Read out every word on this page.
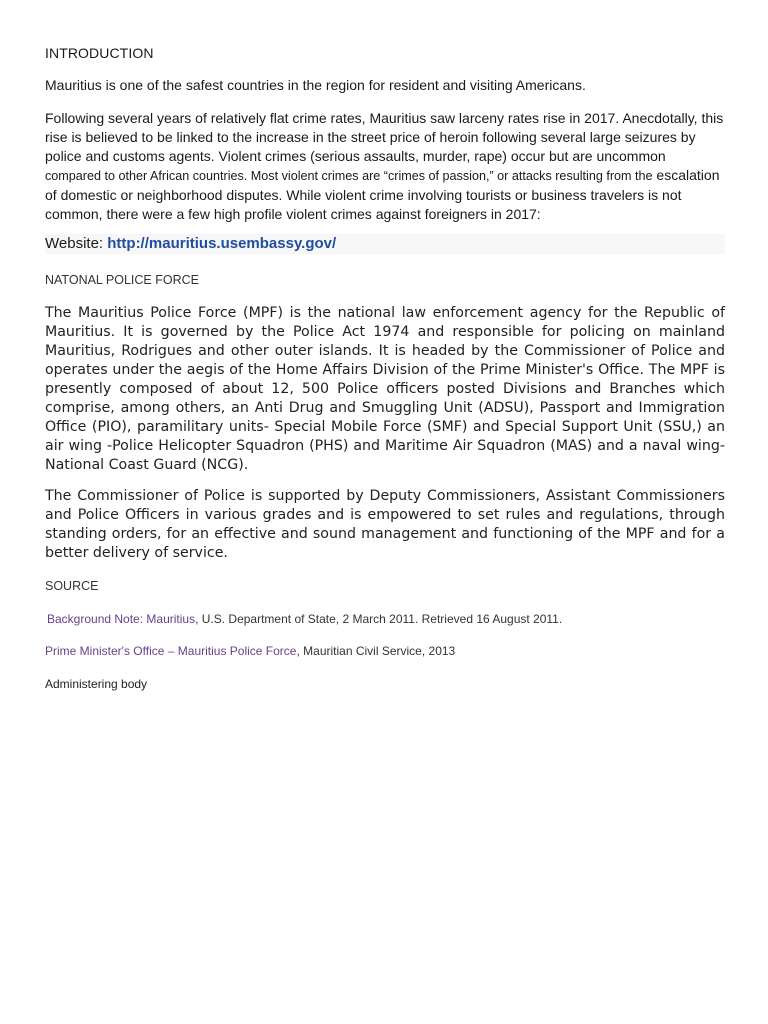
INTRODUCTION
Mauritius is one of the safest countries in the region for resident and visiting Americans.
Following several years of relatively flat crime rates, Mauritius saw larceny rates rise in 2017. Anecdotally, this rise is believed to be linked to the increase in the street price of heroin following several large seizures by police and customs agents. Violent crimes (serious assaults, murder, rape) occur but are uncommon compared to other African countries. Most violent crimes are “crimes of passion,” or attacks resulting from the escalation of domestic or neighborhood disputes. While violent crime involving tourists or business travelers is not common, there were a few high profile violent crimes against foreigners in 2017:
Website: http://mauritius.usembassy.gov/
NATONAL POLICE FORCE
The Mauritius Police Force (MPF) is the national law enforcement agency for the Republic of Mauritius. It is governed by the Police Act 1974 and responsible for policing on mainland Mauritius, Rodrigues and other outer islands. It is headed by the Commissioner of Police and operates under the aegis of the Home Affairs Division of the Prime Minister's Office. The MPF is presently composed of about 12, 500 Police officers posted Divisions and Branches which comprise, among others, an Anti Drug and Smuggling Unit (ADSU), Passport and Immigration Office (PIO), paramilitary units- Special Mobile Force (SMF) and Special Support Unit (SSU,) an air wing -Police Helicopter Squadron (PHS) and Maritime Air Squadron (MAS) and a naval wing-National Coast Guard (NCG).
The Commissioner of Police is supported by Deputy Commissioners, Assistant Commissioners and Police Officers in various grades and is empowered to set rules and regulations, through standing orders, for an effective and sound management and functioning of the MPF and for a better delivery of service.
SOURCE
Background Note: Mauritius, U.S. Department of State, 2 March 2011. Retrieved 16 August 2011.
Prime Minister's Office – Mauritius Police Force, Mauritian Civil Service, 2013
Administering body
